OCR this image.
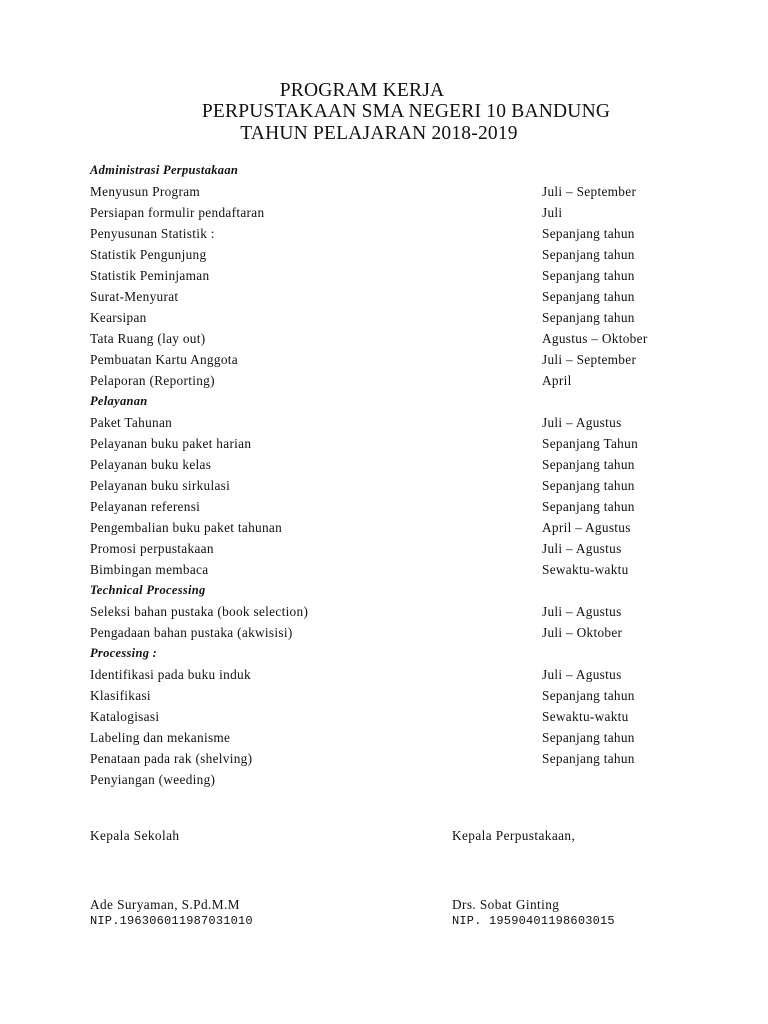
PROGRAM KERJA
PERPUSTAKAAN SMA NEGERI 10 BANDUNG
TAHUN PELAJARAN 2018-2019
Administrasi Perpustakaan
Menyusun Program	Juli – September
Persiapan formulir pendaftaran	Juli
Penyusunan Statistik :	Sepanjang tahun
Statistik Pengunjung	Sepanjang tahun
Statistik Peminjaman	Sepanjang tahun
Surat-Menyurat	Sepanjang tahun
Kearsipan	Sepanjang tahun
Tata Ruang (lay out)	Agustus – Oktober
Pembuatan Kartu Anggota	Juli – September
Pelaporan (Reporting)	April
Pelayanan
Paket Tahunan	Juli – Agustus
Pelayanan buku paket harian	Sepanjang Tahun
Pelayanan buku kelas	Sepanjang tahun
Pelayanan buku sirkulasi	Sepanjang tahun
Pelayanan referensi	Sepanjang tahun
Pengembalian buku paket tahunan	April – Agustus
Promosi perpustakaan	Juli – Agustus
Bimbingan membaca	Sewaktu-waktu
Technical Processing
Seleksi bahan pustaka (book selection)	Juli – Agustus
Pengadaan bahan pustaka (akwisisi)	Juli – Oktober
Processing :
Identifikasi pada buku induk	Juli – Agustus
Klasifikasi	Sepanjang tahun
Katalogisasi	Sewaktu-waktu
Labeling dan mekanisme	Sepanjang tahun
Penataan pada rak (shelving)	Sepanjang tahun
Penyiangan (weeding)
Kepala Sekolah	Kepala Perpustakaan,
Ade Suryaman, S.Pd.M.M	Drs. Sobat Ginting
NIP.196306011987031010	NIP. 19590401198603015
